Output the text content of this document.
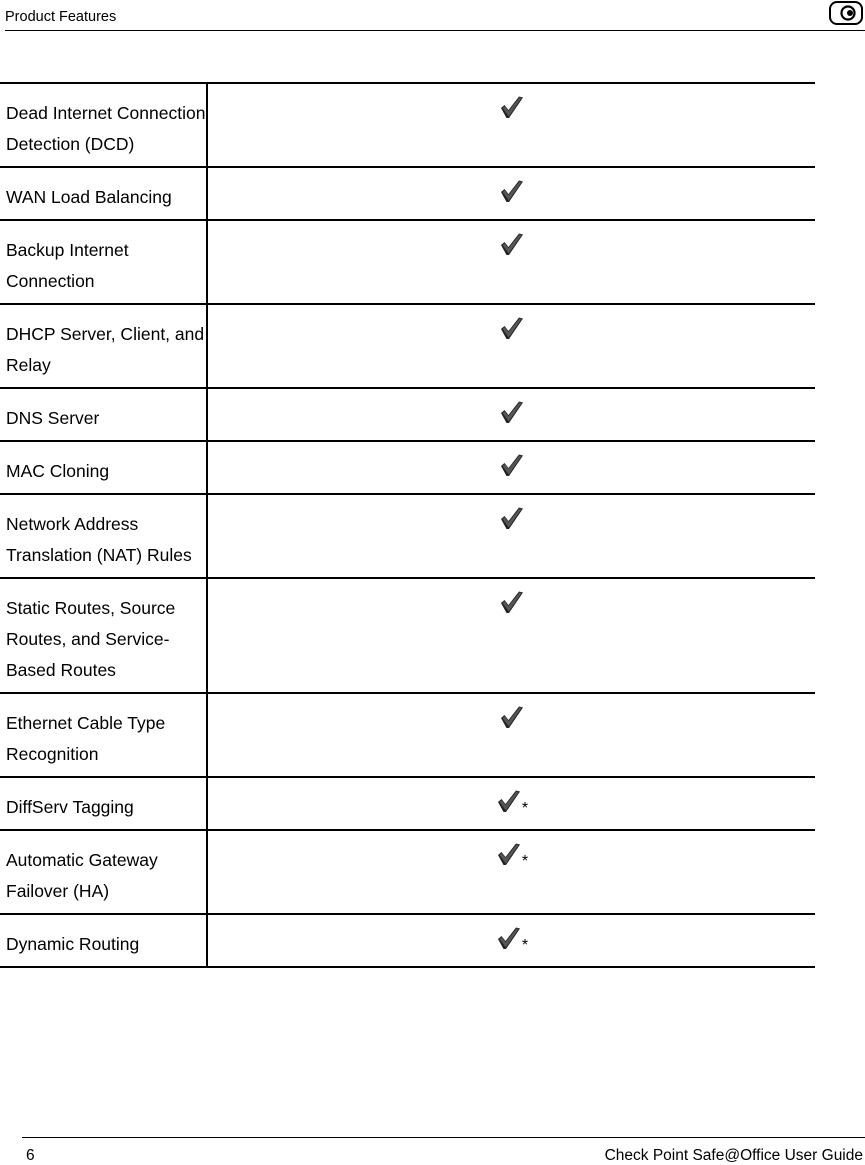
Product Features
Dead Internet Connection Detection (DCD)	
WAN Load Balancing	
Backup Internet Connection	
DHCP Server, Client, and Relay	
DNS Server	
MAC Cloning	
Network Address Translation (NAT) Rules	
Static Routes, Source Routes, and Service-Based Routes	
Ethernet Cable Type Recognition	
DiffServ Tagging	*
Automatic Gateway Failover (HA)	*
Dynamic Routing	*
6	Check Point Safe@Office User Guide
